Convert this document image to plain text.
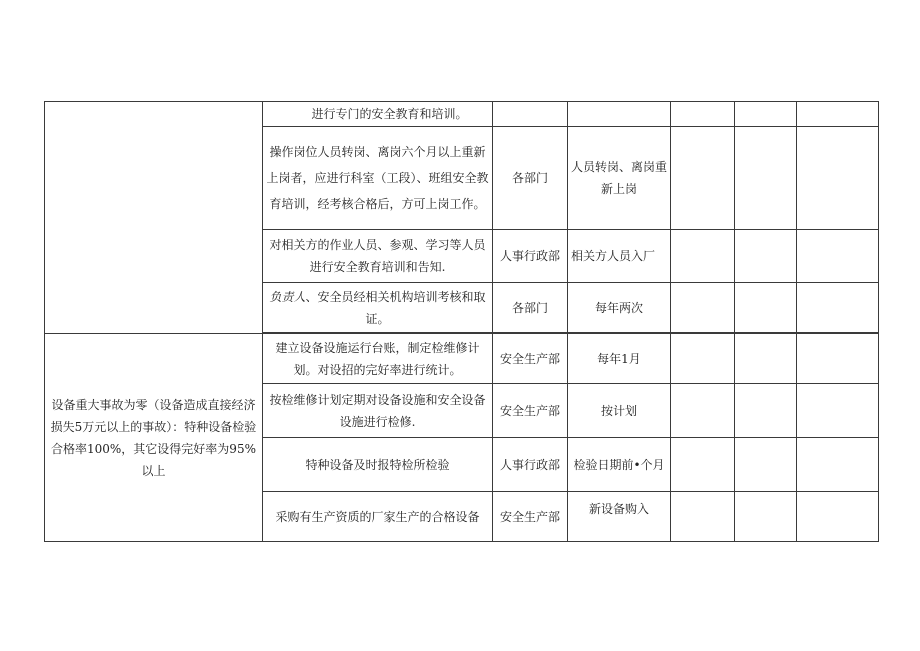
	进行专门的安全教育和培训。					

	操作岗位人员转岗、离岗六个月以上重新上岗者，应进行科室（工段）、班组安全教育培训，经考核合格后，方可上岗工作。	各部门	人员转岗、离岗重新上岗			

	对相关方的作业人员、参观、学习等人员进行安全教育培训和告知.	人事行政部	相关方人员入厂			
	负责人、安全员经相关机构培训考核和取证。	各部门	每年两次			

设备重大事故为零（设备造成直接经济损失5万元以上的事故）：特种设备检验合格率100%，其它设得完好率为95%以上	建立设备设施运行台账，制定检维修计划。对设招的完好率进行统计。	安全生产部	每年1月			

	按检维修计划定期对设备设施和安全设备设施进行检修.	安全生产部	按计划			
	特种设备及时报特检所检验	人事行政部	检验日期前•个月			
	采购有生产资质的厂家生产的合格设备	安全生产部	新设备购入			
